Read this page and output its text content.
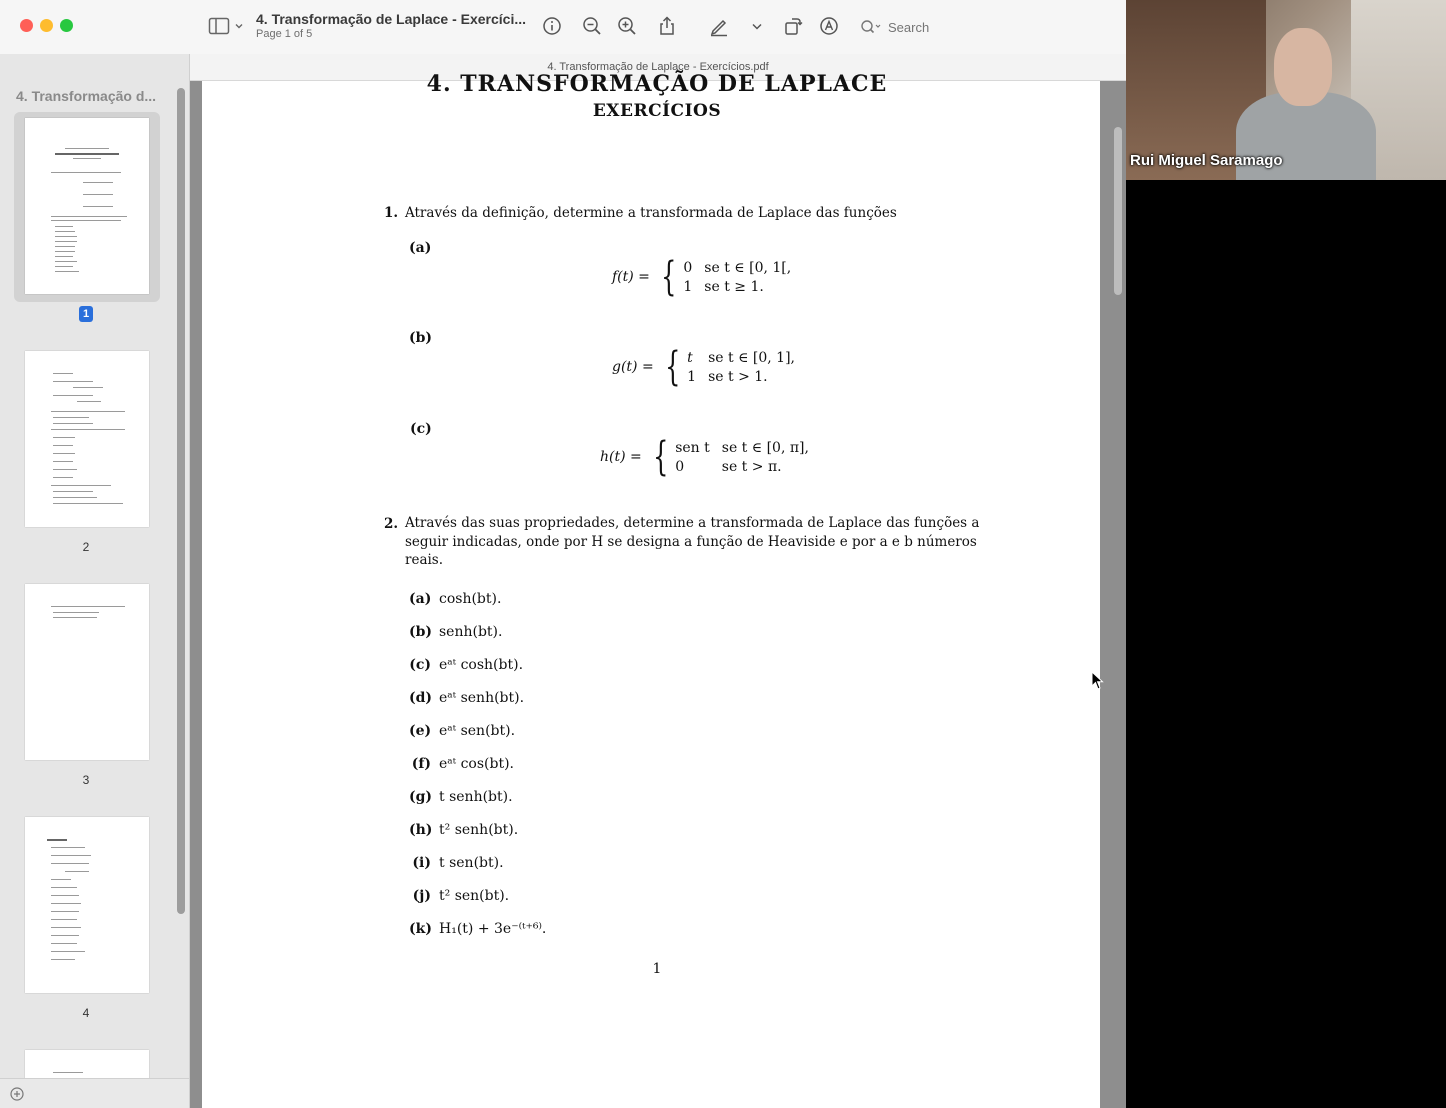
4. Transformação de Laplace - Exercíci...
Page 1 of 5
Search
4. Transformação de Laplace - Exercícios.pdf
4. Transformação d...
1
2
3
4
4. TRANSFORMAÇÃO DE LAPLACE
EXERCÍCIOS
1. Através da definição, determine a transformada de Laplace das funções
(a)
f(t) = { 0 se t ∈ [0, 1[,
1 se t ≥ 1.
(b)
g(t) = { t se t ∈ [0, 1],
1 se t > 1.
(c)
h(t) = { sen t se t ∈ [0, π],
0	se t > π.
2. Através das suas propriedades, determine a transformada de Laplace das funções a
seguir indicadas, onde por H se designa a função de Heaviside e por a e b números
reais.
(a) cosh(bt).
(b) senh(bt).
(c) eᵃᵗ cosh(bt).
(d) eᵃᵗ senh(bt).
(e) eᵃᵗ sen(bt).
(f) eᵃᵗ cos(bt).
(g) t senh(bt).
(h) t² senh(bt).
(i) t sen(bt).
(j) t² sen(bt).
(k) H₁(t) + 3e⁻⁽ᵗ⁺⁶⁾.
1
Rui Miguel Saramago
